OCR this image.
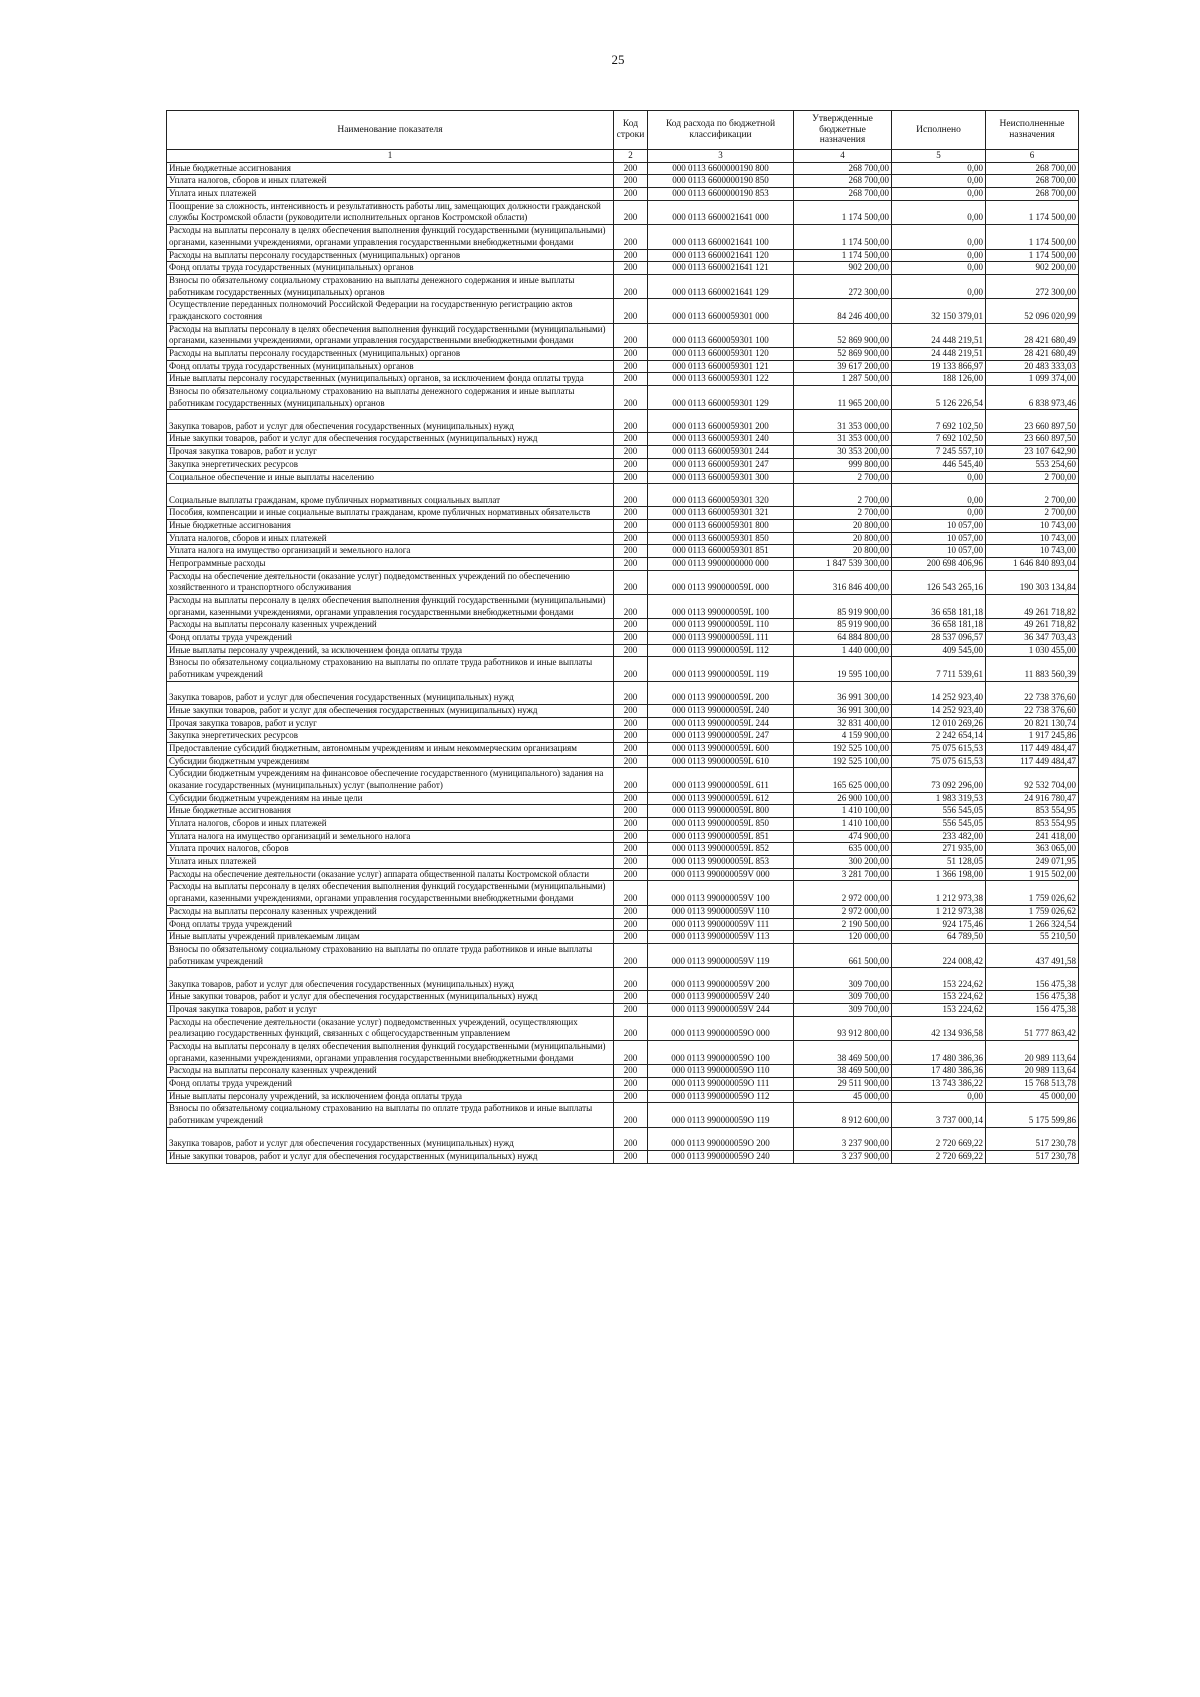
25
Наименование показателя	Код строки	Код расхода по бюджетной классификации	Утвержденные бюджетные назначения	Исполнено	Неисполненные назначения
1	2	3	4	5	6
Иные бюджетные ассигнования	200	000 0113 6600000190 800	268 700,00	0,00	268 700,00
Уплата налогов, сборов и иных платежей	200	000 0113 6600000190 850	268 700,00	0,00	268 700,00
Уплата иных платежей	200	000 0113 6600000190 853	268 700,00	0,00	268 700,00
Поощрение за сложность, интенсивность и результативность работы лиц, замещающих должности гражданской службы Костромской области (руководители исполнительных органов Костромской области)	200	000 0113 6600021641 000	1 174 500,00	0,00	1 174 500,00
Расходы на выплаты персоналу в целях обеспечения выполнения функций государственными (муниципальными) органами, казенными учреждениями, органами управления государственными внебюджетными фондами	200	000 0113 6600021641 100	1 174 500,00	0,00	1 174 500,00
Расходы на выплаты персоналу государственных (муниципальных) органов	200	000 0113 6600021641 120	1 174 500,00	0,00	1 174 500,00
Фонд оплаты труда государственных (муниципальных) органов	200	000 0113 6600021641 121	902 200,00	0,00	902 200,00
Взносы по обязательному социальному страхованию на выплаты денежного содержания и иные выплаты работникам государственных (муниципальных) органов	200	000 0113 6600021641 129	272 300,00	0,00	272 300,00
Осуществление переданных полномочий Российской Федерации на государственную регистрацию актов гражданского состояния	200	000 0113 6600059301 000	84 246 400,00	32 150 379,01	52 096 020,99
Расходы на выплаты персоналу в целях обеспечения выполнения функций государственными (муниципальными) органами, казенными учреждениями, органами управления государственными внебюджетными фондами	200	000 0113 6600059301 100	52 869 900,00	24 448 219,51	28 421 680,49
Расходы на выплаты персоналу государственных (муниципальных) органов	200	000 0113 6600059301 120	52 869 900,00	24 448 219,51	28 421 680,49
Фонд оплаты труда государственных (муниципальных) органов	200	000 0113 6600059301 121	39 617 200,00	19 133 866,97	20 483 333,03
Иные выплаты персоналу государственных (муниципальных) органов, за исключением фонда оплаты труда	200	000 0113 6600059301 122	1 287 500,00	188 126,00	1 099 374,00
Взносы по обязательному социальному страхованию на выплаты денежного содержания и иные выплаты работникам государственных (муниципальных) органов	200	000 0113 6600059301 129	11 965 200,00	5 126 226,54	6 838 973,46
Закупка товаров, работ и услуг для обеспечения государственных (муниципальных) нужд	200	000 0113 6600059301 200	31 353 000,00	7 692 102,50	23 660 897,50
Иные закупки товаров, работ и услуг для обеспечения государственных (муниципальных) нужд	200	000 0113 6600059301 240	31 353 000,00	7 692 102,50	23 660 897,50
Прочая закупка товаров, работ и услуг	200	000 0113 6600059301 244	30 353 200,00	7 245 557,10	23 107 642,90
Закупка энергетических ресурсов	200	000 0113 6600059301 247	999 800,00	446 545,40	553 254,60
Социальное обеспечение и иные выплаты населению	200	000 0113 6600059301 300	2 700,00	0,00	2 700,00
Социальные выплаты гражданам, кроме публичных нормативных социальных выплат	200	000 0113 6600059301 320	2 700,00	0,00	2 700,00
Пособия, компенсации и иные социальные выплаты гражданам, кроме публичных нормативных обязательств	200	000 0113 6600059301 321	2 700,00	0,00	2 700,00
Иные бюджетные ассигнования	200	000 0113 6600059301 800	20 800,00	10 057,00	10 743,00
Уплата налогов, сборов и иных платежей	200	000 0113 6600059301 850	20 800,00	10 057,00	10 743,00
Уплата налога на имущество организаций и земельного налога	200	000 0113 6600059301 851	20 800,00	10 057,00	10 743,00
Непрограммные расходы	200	000 0113 9900000000 000	1 847 539 300,00	200 698 406,96	1 646 840 893,04
Расходы на обеспечение деятельности (оказание услуг) подведомственных учреждений по обеспечению хозяйственного и транспортного обслуживания	200	000 0113 990000059L 000	316 846 400,00	126 543 265,16	190 303 134,84
Расходы на выплаты персоналу в целях обеспечения выполнения функций государственными (муниципальными) органами, казенными учреждениями, органами управления государственными внебюджетными фондами	200	000 0113 990000059L 100	85 919 900,00	36 658 181,18	49 261 718,82
Расходы на выплаты персоналу казенных учреждений	200	000 0113 990000059L 110	85 919 900,00	36 658 181,18	49 261 718,82
Фонд оплаты труда учреждений	200	000 0113 990000059L 111	64 884 800,00	28 537 096,57	36 347 703,43
Иные выплаты персоналу учреждений, за исключением фонда оплаты труда	200	000 0113 990000059L 112	1 440 000,00	409 545,00	1 030 455,00
Взносы по обязательному социальному страхованию на выплаты по оплате труда работников и иные выплаты работникам учреждений	200	000 0113 990000059L 119	19 595 100,00	7 711 539,61	11 883 560,39
Закупка товаров, работ и услуг для обеспечения государственных (муниципальных) нужд	200	000 0113 990000059L 200	36 991 300,00	14 252 923,40	22 738 376,60
Иные закупки товаров, работ и услуг для обеспечения государственных (муниципальных) нужд	200	000 0113 990000059L 240	36 991 300,00	14 252 923,40	22 738 376,60
Прочая закупка товаров, работ и услуг	200	000 0113 990000059L 244	32 831 400,00	12 010 269,26	20 821 130,74
Закупка энергетических ресурсов	200	000 0113 990000059L 247	4 159 900,00	2 242 654,14	1 917 245,86
Предоставление субсидий бюджетным, автономным учреждениям и иным некоммерческим организациям	200	000 0113 990000059L 600	192 525 100,00	75 075 615,53	117 449 484,47
Субсидии бюджетным учреждениям	200	000 0113 990000059L 610	192 525 100,00	75 075 615,53	117 449 484,47
Субсидии бюджетным учреждениям на финансовое обеспечение государственного (муниципального) задания на оказание государственных (муниципальных) услуг (выполнение работ)	200	000 0113 990000059L 611	165 625 000,00	73 092 296,00	92 532 704,00
Субсидии бюджетным учреждениям на иные цели	200	000 0113 990000059L 612	26 900 100,00	1 983 319,53	24 916 780,47
Иные бюджетные ассигнования	200	000 0113 990000059L 800	1 410 100,00	556 545,05	853 554,95
Уплата налогов, сборов и иных платежей	200	000 0113 990000059L 850	1 410 100,00	556 545,05	853 554,95
Уплата налога на имущество организаций и земельного налога	200	000 0113 990000059L 851	474 900,00	233 482,00	241 418,00
Уплата прочих налогов, сборов	200	000 0113 990000059L 852	635 000,00	271 935,00	363 065,00
Уплата иных платежей	200	000 0113 990000059L 853	300 200,00	51 128,05	249 071,95
Расходы на обеспечение деятельности (оказание услуг) аппарата общественной палаты Костромской области	200	000 0113 990000059V 000	3 281 700,00	1 366 198,00	1 915 502,00
Расходы на выплаты персоналу в целях обеспечения выполнения функций государственными (муниципальными) органами, казенными учреждениями, органами управления государственными внебюджетными фондами	200	000 0113 990000059V 100	2 972 000,00	1 212 973,38	1 759 026,62
Расходы на выплаты персоналу казенных учреждений	200	000 0113 990000059V 110	2 972 000,00	1 212 973,38	1 759 026,62
Фонд оплаты труда учреждений	200	000 0113 990000059V 111	2 190 500,00	924 175,46	1 266 324,54
Иные выплаты учреждений привлекаемым лицам	200	000 0113 990000059V 113	120 000,00	64 789,50	55 210,50
Взносы по обязательному социальному страхованию на выплаты по оплате труда работников и иные выплаты работникам учреждений	200	000 0113 990000059V 119	661 500,00	224 008,42	437 491,58
Закупка товаров, работ и услуг для обеспечения государственных (муниципальных) нужд	200	000 0113 990000059V 200	309 700,00	153 224,62	156 475,38
Иные закупки товаров, работ и услуг для обеспечения государственных (муниципальных) нужд	200	000 0113 990000059V 240	309 700,00	153 224,62	156 475,38
Прочая закупка товаров, работ и услуг	200	000 0113 990000059V 244	309 700,00	153 224,62	156 475,38
Расходы на обеспечение деятельности (оказание услуг) подведомственных учреждений, осуществляющих реализацию государственных функций, связанных с общегосударственным управлением	200	000 0113 990000059О 000	93 912 800,00	42 134 936,58	51 777 863,42
Расходы на выплаты персоналу в целях обеспечения выполнения функций государственными (муниципальными) органами, казенными учреждениями, органами управления государственными внебюджетными фондами	200	000 0113 990000059О 100	38 469 500,00	17 480 386,36	20 989 113,64
Расходы на выплаты персоналу казенных учреждений	200	000 0113 990000059О 110	38 469 500,00	17 480 386,36	20 989 113,64
Фонд оплаты труда учреждений	200	000 0113 990000059О 111	29 511 900,00	13 743 386,22	15 768 513,78
Иные выплаты персоналу учреждений, за исключением фонда оплаты труда	200	000 0113 990000059О 112	45 000,00	0,00	45 000,00
Взносы по обязательному социальному страхованию на выплаты по оплате труда работников и иные выплаты работникам учреждений	200	000 0113 990000059О 119	8 912 600,00	3 737 000,14	5 175 599,86
Закупка товаров, работ и услуг для обеспечения государственных (муниципальных) нужд	200	000 0113 990000059О 200	3 237 900,00	2 720 669,22	517 230,78
Иные закупки товаров, работ и услуг для обеспечения государственных (муниципальных) нужд	200	000 0113 990000059О 240	3 237 900,00	2 720 669,22	517 230,78
